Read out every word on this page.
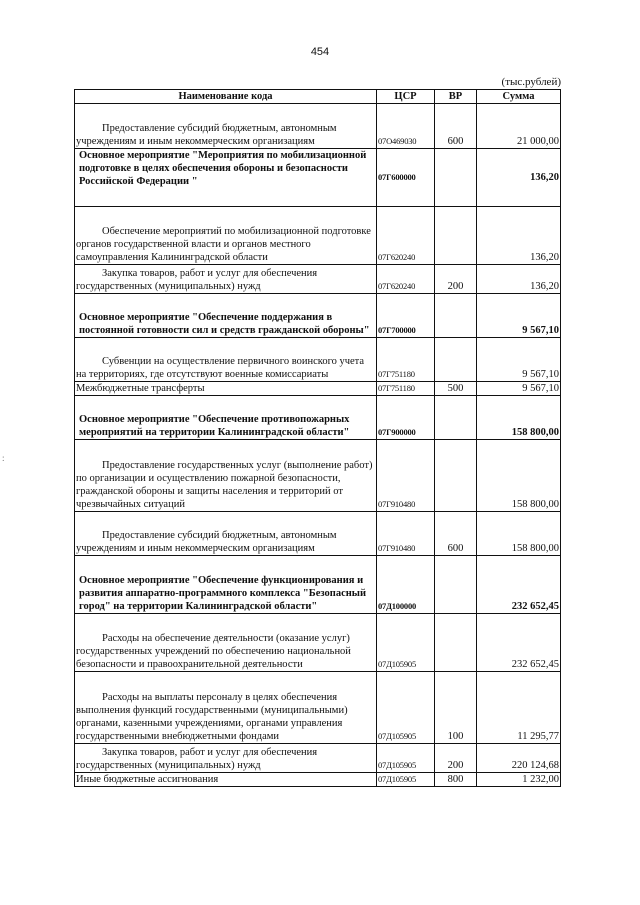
454
(тыс.рублей)
:
Наименование кода	ЦСР	ВР	Сумма
Предоставление субсидий бюджетным, автономным учреждениям и иным некоммерческим организациям	07О469030	600	21 000,00
Основное мероприятие "Мероприятия по мобилизационной подготовке в целях обеспечения обороны и безопасности Российской Федерации "	07Г600000		136,20
Обеспечение мероприятий по мобилизационной подготовке органов государственной власти и органов местного самоуправления Калининградской области	07Г620240		136,20
Закупка товаров, работ и услуг для обеспечения государственных (муниципальных) нужд	07Г620240	200	136,20
Основное мероприятие "Обеспечение поддержания в постоянной готовности сил и средств гражданской обороны"	07Г700000		9 567,10
Субвенции на осуществление первичного воинского учета на территориях, где отсутствуют военные комиссариаты	07Г751180		9 567,10
Межбюджетные трансферты	07Г751180	500	9 567,10
Основное мероприятие "Обеспечение противопожарных мероприятий на территории Калининградской области"	07Г900000		158 800,00
Предоставление государственных услуг (выполнение работ) по организации и осуществлению пожарной безопасности, гражданской обороны и защиты населения и территорий от чрезвычайных ситуаций	07Г910480		158 800,00
Предоставление субсидий бюджетным, автономным учреждениям и иным некоммерческим организациям	07Г910480	600	158 800,00
Основное мероприятие "Обеспечение функционирования и развития аппаратно-программного комплекса "Безопасный город" на территории Калининградской области"	07Д100000		232 652,45
Расходы на обеспечение деятельности (оказание услуг) государственных учреждений по обеспечению национальной безопасности и правоохранительной деятельности	07Д105905		232 652,45
Расходы на выплаты персоналу в целях обеспечения выполнения функций государственными (муниципальными) органами, казенными учреждениями, органами управления государственными внебюджетными фондами	07Д105905	100	11 295,77
Закупка товаров, работ и услуг для обеспечения государственных (муниципальных) нужд	07Д105905	200	220 124,68
Иные бюджетные ассигнования	07Д105905	800	1 232,00
